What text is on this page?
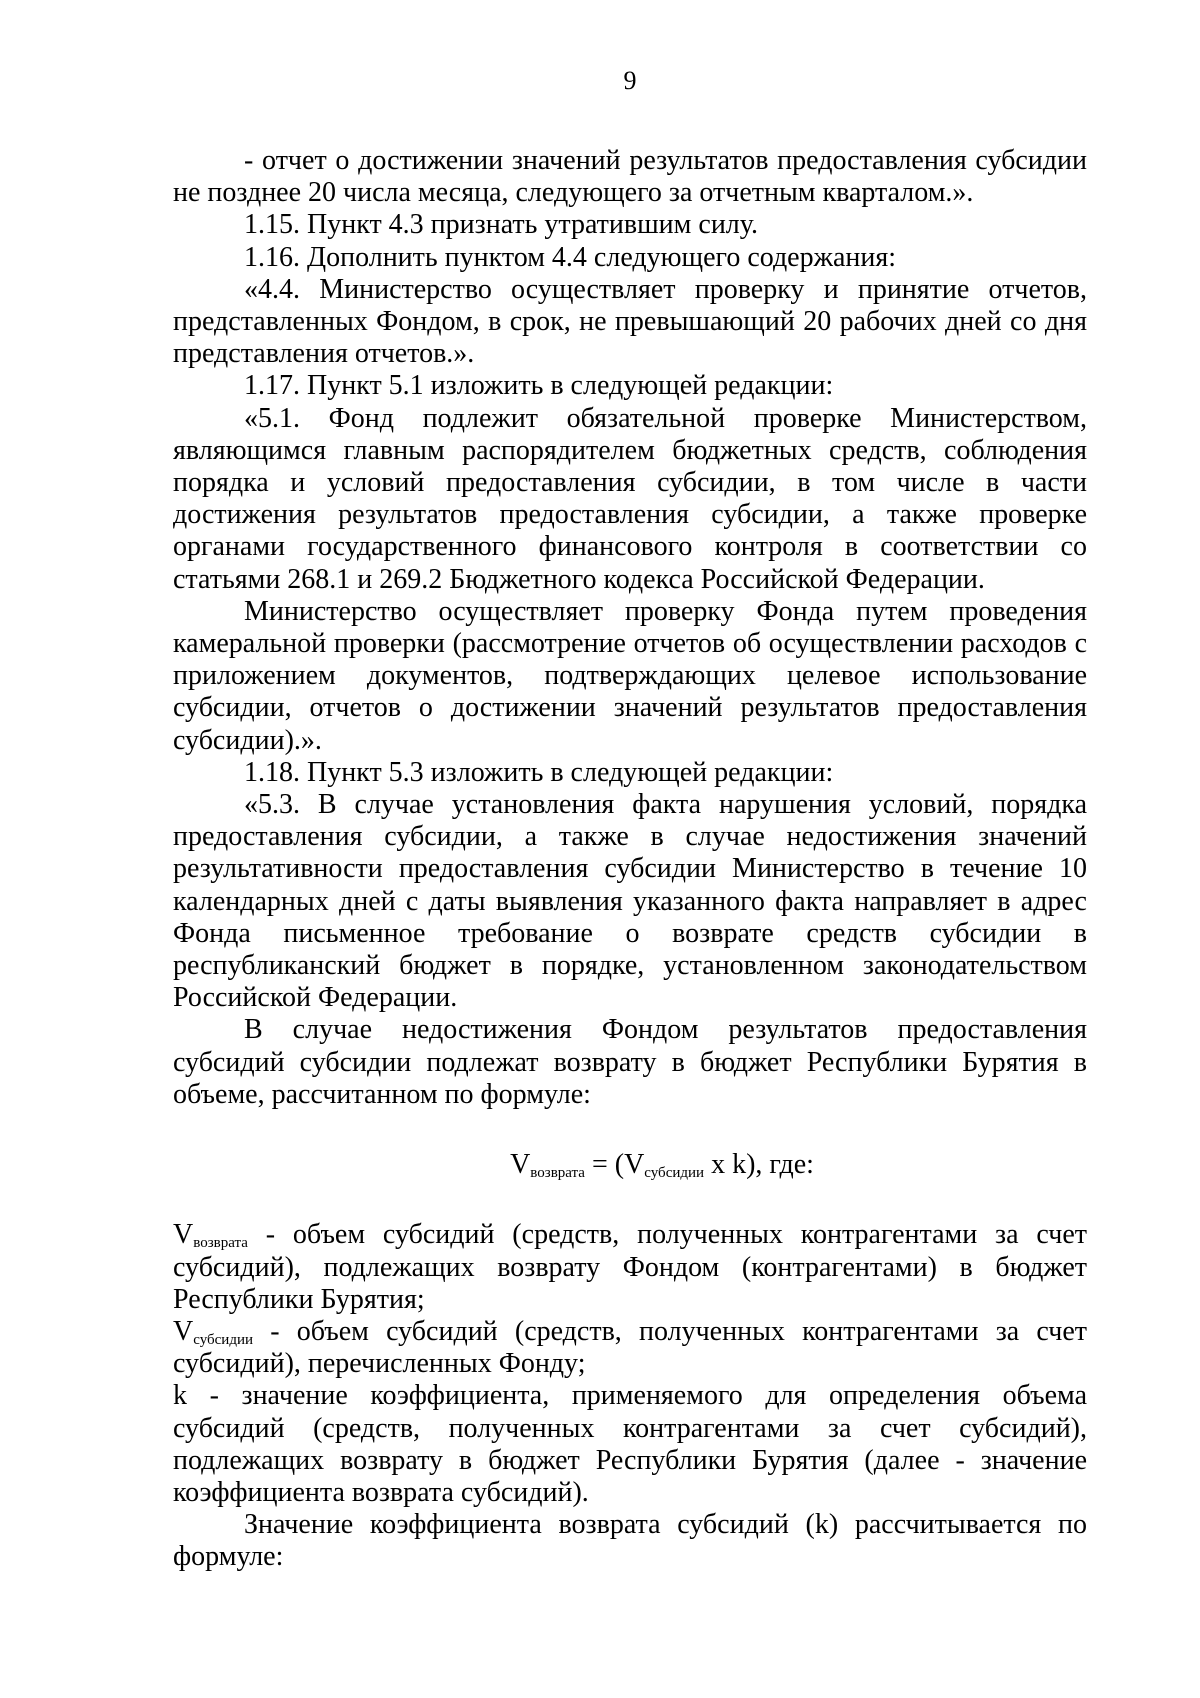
9

- отчет о достижении значений результатов предоставления субсидии не позднее 20 числа месяца, следующего за отчетным кварталом.».

1.15. Пункт 4.3 признать утратившим силу.

1.16. Дополнить пунктом 4.4 следующего содержания:

«4.4. Министерство осуществляет проверку и принятие отчетов, представленных Фондом, в срок, не превышающий 20 рабочих дней со дня представления отчетов.».

1.17. Пункт 5.1 изложить в следующей редакции:

«5.1. Фонд подлежит обязательной проверке Министерством, являющимся главным распорядителем бюджетных средств, соблюдения порядка и условий предоставления субсидии, в том числе в части достижения результатов предоставления субсидии, а также проверке органами государственного финансового контроля в соответствии со статьями 268.1 и 269.2 Бюджетного кодекса Российской Федерации.

Министерство осуществляет проверку Фонда путем проведения камеральной проверки (рассмотрение отчетов об осуществлении расходов с приложением документов, подтверждающих целевое использование субсидии, отчетов о достижении значений результатов предоставления субсидии).».

1.18. Пункт 5.3 изложить в следующей редакции:

«5.3. В случае установления факта нарушения условий, порядка предоставления субсидии, а также в случае недостижения значений результативности предоставления субсидии Министерство в течение 10 календарных дней с даты выявления указанного факта направляет в адрес Фонда письменное требование о возврате средств субсидии в республиканский бюджет в порядке, установленном законодательством Российской Федерации.

В случае недостижения Фондом результатов предоставления субсидий субсидии подлежат возврату в бюджет Республики Бурятия в объеме, рассчитанном по формуле:

$V_{возврата} = (V_{субсидии}$ x k), где:

$V_{возврата}$ - объем субсидий (средств, полученных контрагентами за счет субсидий), подлежащих возврату Фондом (контрагентами) в бюджет Республики Бурятия;

$V_{субсидии}$ - объем субсидий (средств, полученных контрагентами за счет субсидий), перечисленных Фонду;

k - значение коэффициента, применяемого для определения объема субсидий (средств, полученных контрагентами за счет субсидий), подлежащих возврату в бюджет Республики Бурятия (далее - значение коэффициента возврата субсидий).

Значение коэффициента возврата субсидий (k) рассчитывается по формуле:
